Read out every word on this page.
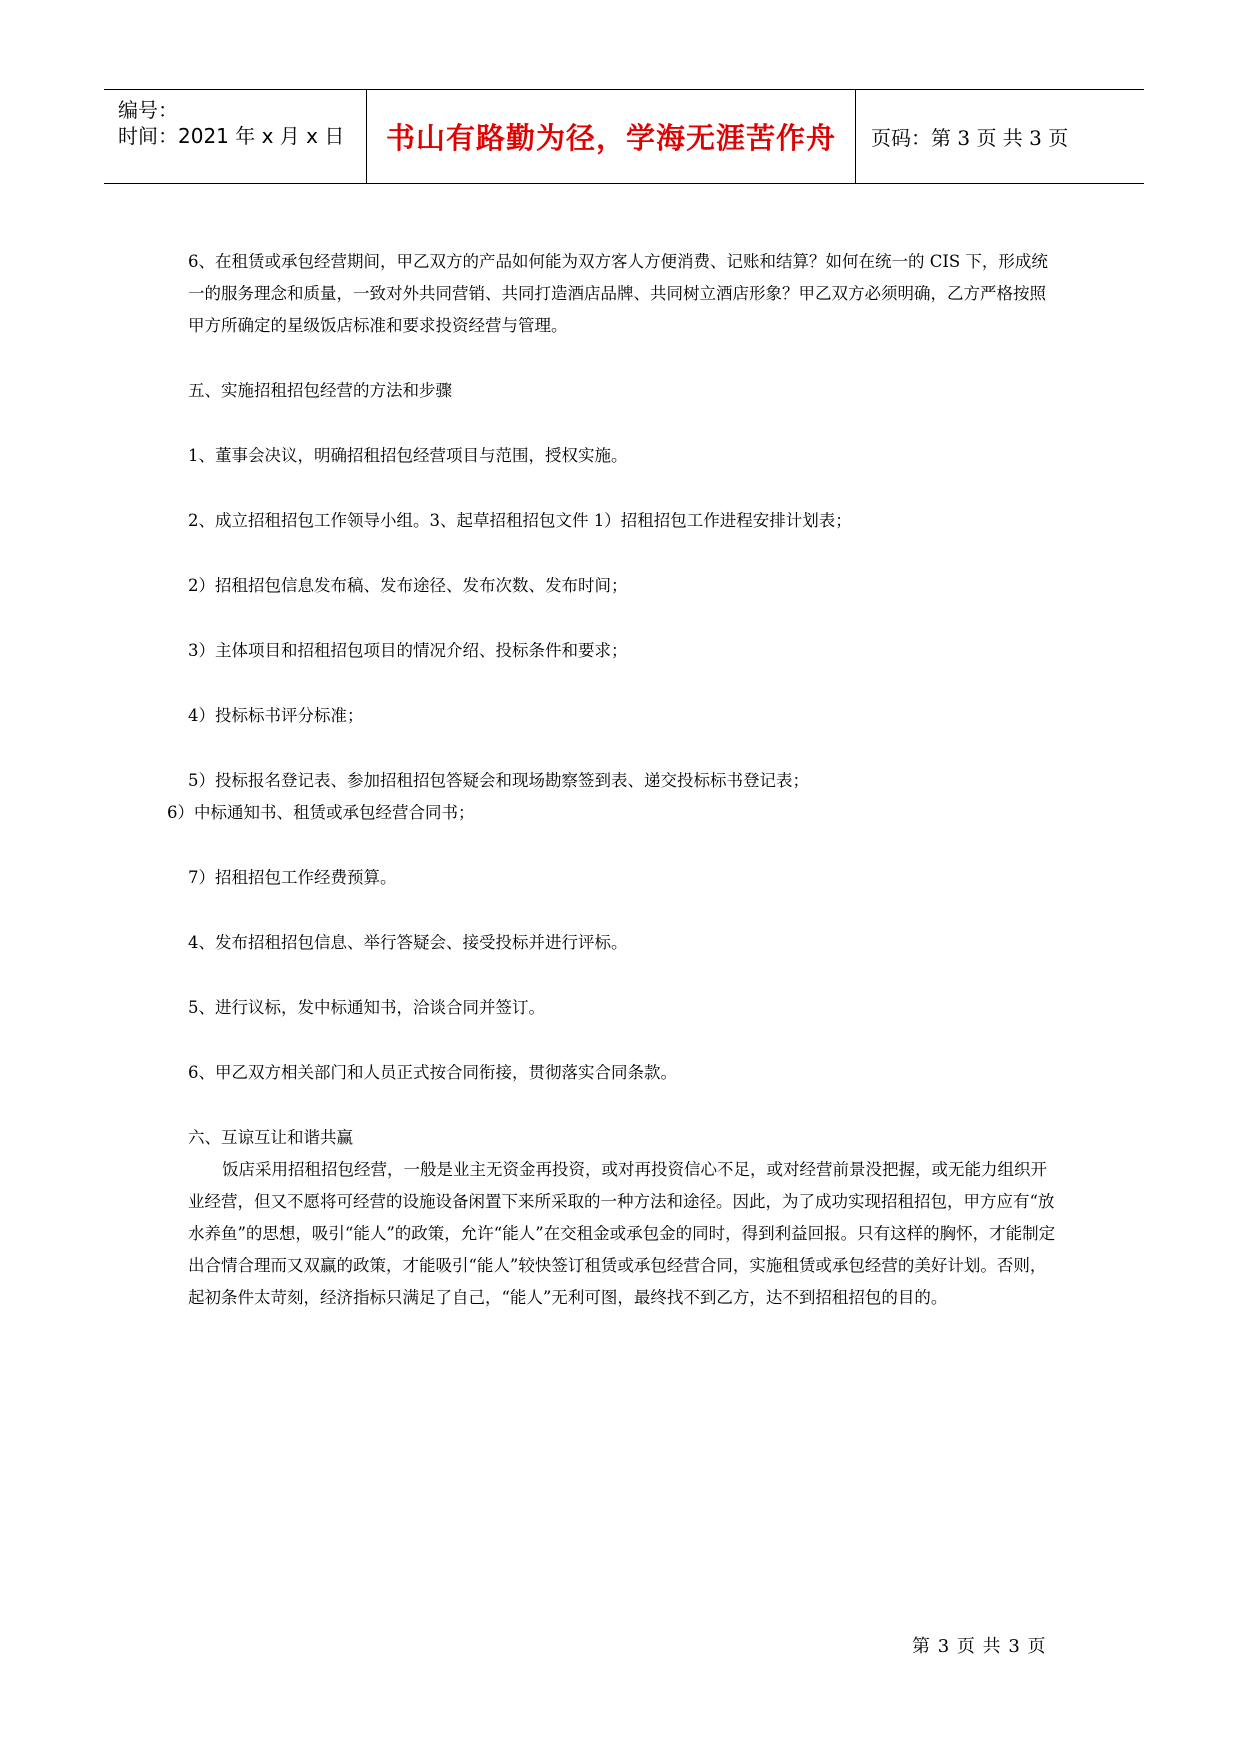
编号：
时间：2021 年 x 月 x 日	书山有路勤为径，学海无涯苦作舟	页码：第 3 页 共 3 页

6、在租赁或承包经营期间，甲乙双方的产品如何能为双方客人方便消费、记账和结算？如何在统一的 CIS 下，形成统一的服务理念和质量，一致对外共同营销、共同打造酒店品牌、共同树立酒店形象？甲乙双方必须明确，乙方严格按照甲方所确定的星级饭店标准和要求投资经营与管理。

五、实施招租招包经营的方法和步骤

1、董事会决议，明确招租招包经营项目与范围，授权实施。

2、成立招租招包工作领导小组。3、起草招租招包文件 1）招租招包工作进程安排计划表；

2）招租招包信息发布稿、发布途径、发布次数、发布时间；

3）主体项目和招租招包项目的情况介绍、投标条件和要求；

4）投标标书评分标准；

5）投标报名登记表、参加招租招包答疑会和现场勘察签到表、递交投标标书登记表；

6）中标通知书、租赁或承包经营合同书；

7）招租招包工作经费预算。

4、发布招租招包信息、举行答疑会、接受投标并进行评标。

5、进行议标，发中标通知书，洽谈合同并签订。

6、甲乙双方相关部门和人员正式按合同衔接，贯彻落实合同条款。

六、互谅互让和谐共赢

饭店采用招租招包经营，一般是业主无资金再投资，或对再投资信心不足，或对经营前景没把握，或无能力组织开业经营，但又不愿将可经营的设施设备闲置下来所采取的一种方法和途径。因此，为了成功实现招租招包，甲方应有“放水养鱼”的思想，吸引“能人”的政策，允许“能人”在交租金或承包金的同时，得到利益回报。只有这样的胸怀，才能制定出合情合理而又双赢的政策，才能吸引“能人”较快签订租赁或承包经营合同，实施租赁或承包经营的美好计划。否则，起初条件太苛刻，经济指标只满足了自己，“能人”无利可图，最终找不到乙方，达不到招租招包的目的。

第 3 页 共 3 页
